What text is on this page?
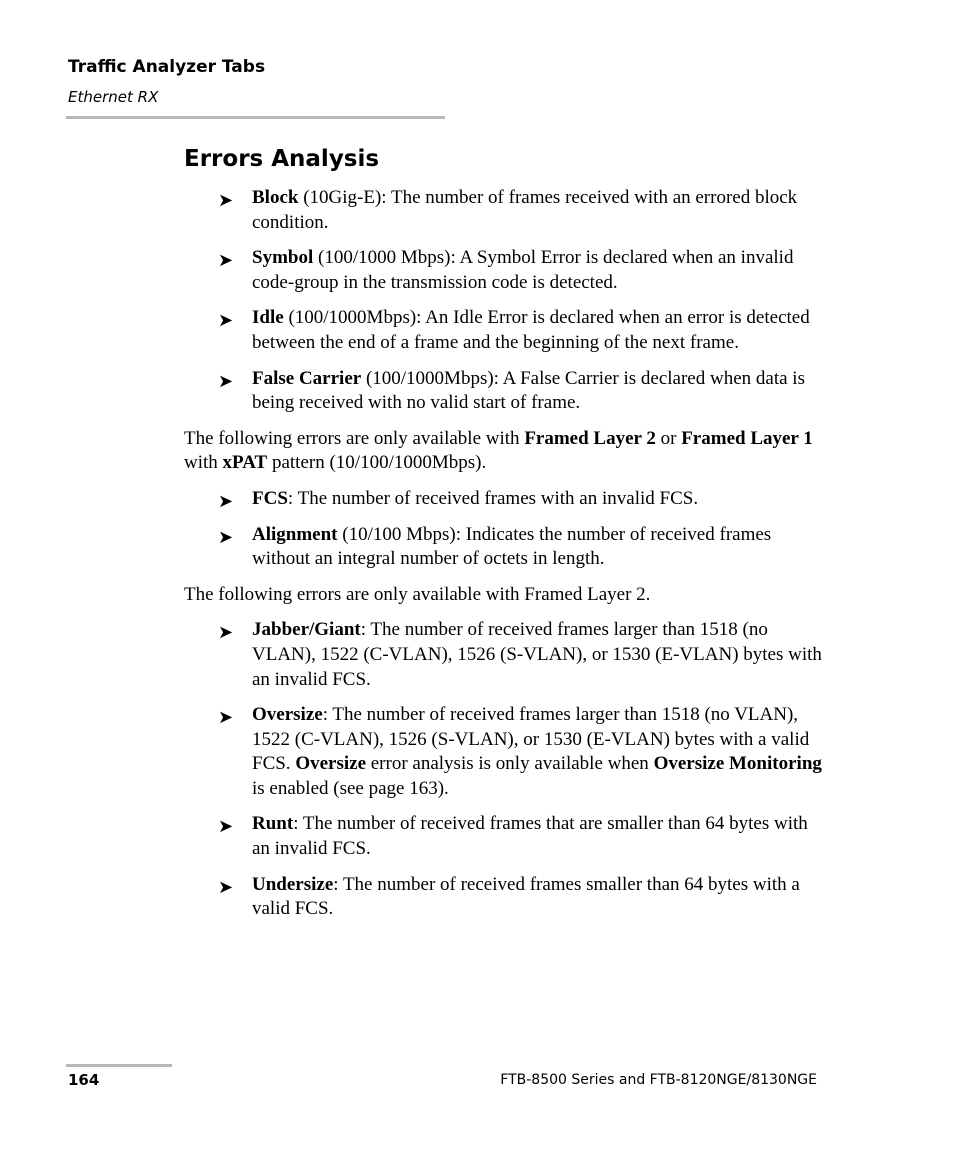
Traffic Analyzer Tabs
Ethernet RX
Errors Analysis
➤ Block (10Gig-E): The number of frames received with an errored block condition.
➤ Symbol (100/1000 Mbps): A Symbol Error is declared when an invalid code-group in the transmission code is detected.
➤ Idle (100/1000Mbps): An Idle Error is declared when an error is detected between the end of a frame and the beginning of the next frame.
➤ False Carrier (100/1000Mbps): A False Carrier is declared when data is being received with no valid start of frame.

The following errors are only available with Framed Layer 2 or Framed Layer 1 with xPAT pattern (10/100/1000Mbps).

➤ FCS: The number of received frames with an invalid FCS.
➤ Alignment (10/100 Mbps): Indicates the number of received frames without an integral number of octets in length.

The following errors are only available with Framed Layer 2.

➤ Jabber/Giant: The number of received frames larger than 1518 (no VLAN), 1522 (C-VLAN), 1526 (S-VLAN), or 1530 (E-VLAN) bytes with an invalid FCS.
➤ Oversize: The number of received frames larger than 1518 (no VLAN), 1522 (C-VLAN), 1526 (S-VLAN), or 1530 (E-VLAN) bytes with a valid FCS. Oversize error analysis is only available when Oversize Monitoring is enabled (see page 163).
➤ Runt: The number of received frames that are smaller than 64 bytes with an invalid FCS.
➤ Undersize: The number of received frames smaller than 64 bytes with a valid FCS.
164	FTB-8500 Series and FTB-8120NGE/8130NGE
